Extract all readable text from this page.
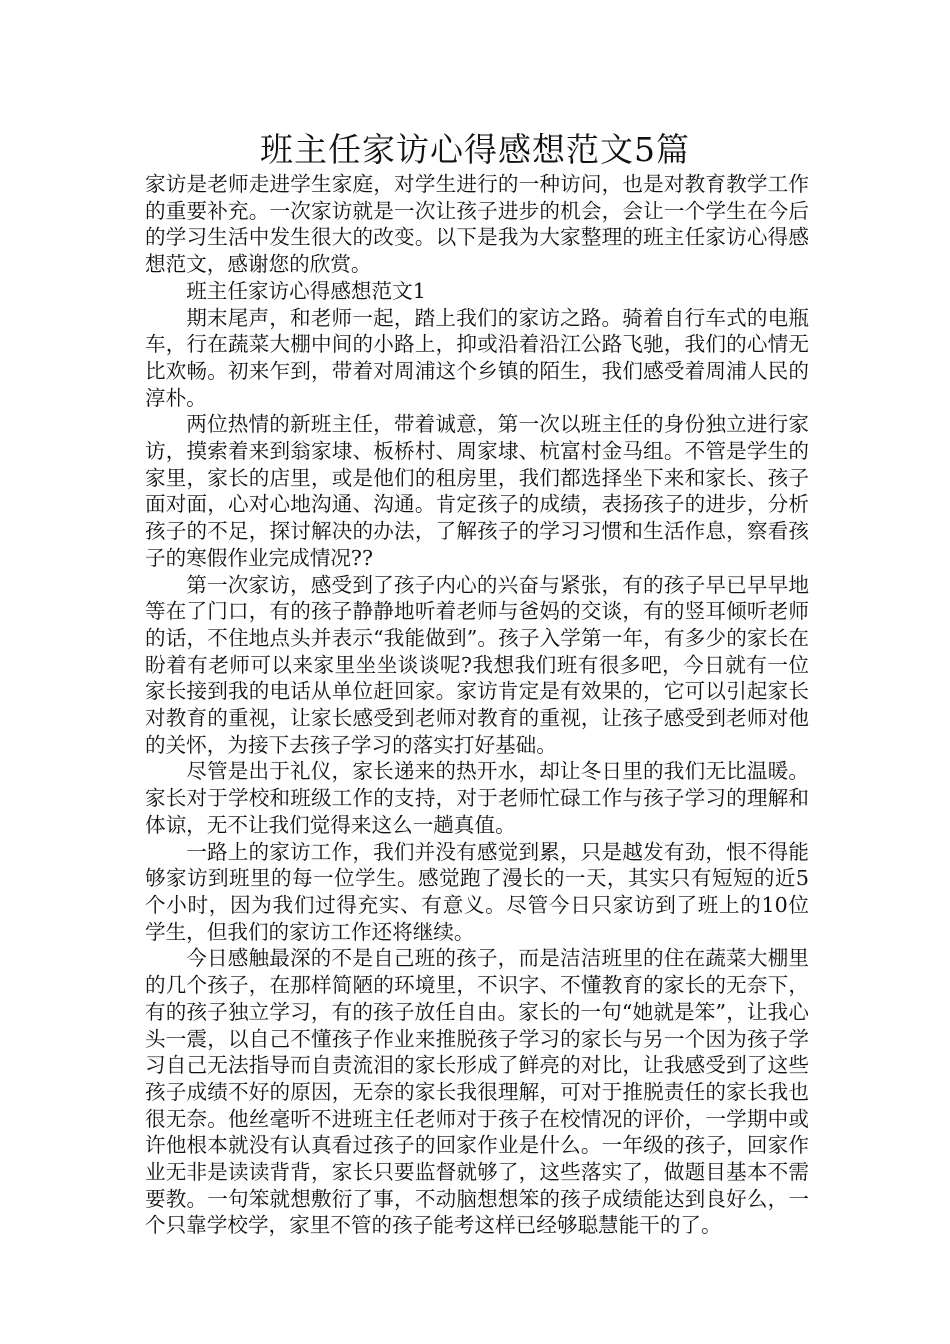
班主任家访心得感想范文5篇

家访是老师走进学生家庭，对学生进行的一种访问，也是对教育教学工作的重要补充。一次家访就是一次让孩子进步的机会，会让一个学生在今后的学习生活中发生很大的改变。以下是我为大家整理的班主任家访心得感想范文，感谢您的欣赏。

班主任家访心得感想范文1

期末尾声，和老师一起，踏上我们的家访之路。骑着自行车式的电瓶车，行在蔬菜大棚中间的小路上，抑或沿着沿江公路飞驰，我们的心情无比欢畅。初来乍到，带着对周浦这个乡镇的陌生，我们感受着周浦人民的淳朴。

两位热情的新班主任，带着诚意，第一次以班主任的身份独立进行家访，摸索着来到翁家埭、板桥村、周家埭、杭富村金马组。不管是学生的家里，家长的店里，或是他们的租房里，我们都选择坐下来和家长、孩子面对面，心对心地沟通、沟通。肯定孩子的成绩，表扬孩子的进步，分析孩子的不足，探讨解决的办法，了解孩子的学习习惯和生活作息，察看孩子的寒假作业完成情况??

第一次家访，感受到了孩子内心的兴奋与紧张，有的孩子早已早早地等在了门口，有的孩子静静地听着老师与爸妈的交谈，有的竖耳倾听老师的话，不住地点头并表示“我能做到”。孩子入学第一年，有多少的家长在盼着有老师可以来家里坐坐谈谈呢?我想我们班有很多吧，今日就有一位家长接到我的电话从单位赶回家。家访肯定是有效果的，它可以引起家长对教育的重视，让家长感受到老师对教育的重视，让孩子感受到老师对他的关怀，为接下去孩子学习的落实打好基础。

尽管是出于礼仪，家长递来的热开水，却让冬日里的我们无比温暖。家长对于学校和班级工作的支持，对于老师忙碌工作与孩子学习的理解和体谅，无不让我们觉得来这么一趟真值。

一路上的家访工作，我们并没有感觉到累，只是越发有劲，恨不得能够家访到班里的每一位学生。感觉跑了漫长的一天，其实只有短短的近5个小时，因为我们过得充实、有意义。尽管今日只家访到了班上的10位学生，但我们的家访工作还将继续。

今日感触最深的不是自己班的孩子，而是洁洁班里的住在蔬菜大棚里的几个孩子，在那样简陋的环境里，不识字、不懂教育的家长的无奈下，有的孩子独立学习，有的孩子放任自由。家长的一句“她就是笨”，让我心头一震，以自己不懂孩子作业来推脱孩子学习的家长与另一个因为孩子学习自己无法指导而自责流泪的家长形成了鲜亮的对比，让我感受到了这些孩子成绩不好的原因，无奈的家长我很理解，可对于推脱责任的家长我也很无奈。他丝毫听不进班主任老师对于孩子在校情况的评价，一学期中或许他根本就没有认真看过孩子的回家作业是什么。一年级的孩子，回家作业无非是读读背背，家长只要监督就够了，这些落实了，做题目基本不需要教。一句笨就想敷衍了事，不动脑想想笨的孩子成绩能达到良好么，一个只靠学校学，家里不管的孩子能考这样已经够聪慧能干的了。
